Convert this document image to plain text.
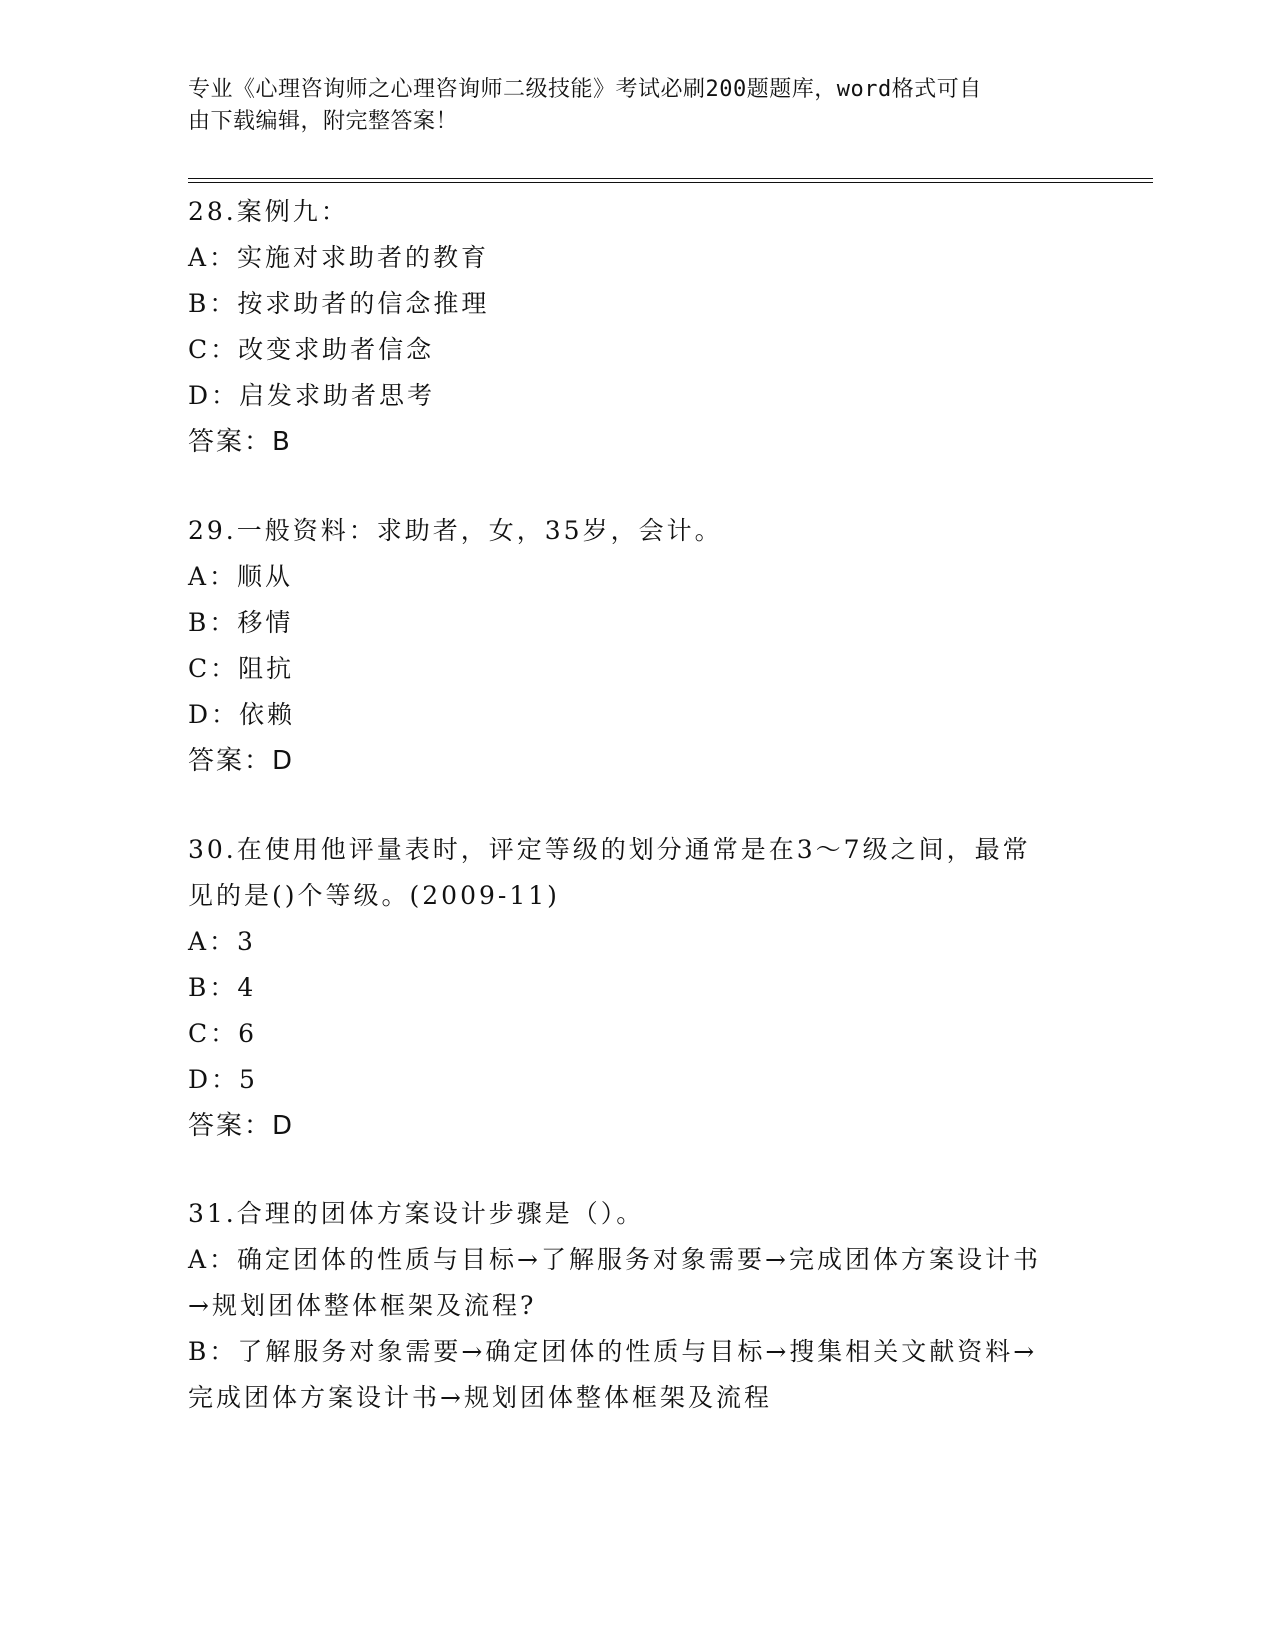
专业《心理咨询师之心理咨询师二级技能》考试必刷200题题库，word格式可自
由下载编辑，附完整答案！
28.案例九：
A：实施对求助者的教育
B：按求助者的信念推理
C：改变求助者信念
D：启发求助者思考
答案：B
29.一般资料：求助者，女，35岁，会计。
A：顺从
B：移情
C：阻抗
D：依赖
答案：D
30.在使用他评量表时，评定等级的划分通常是在3～7级之间，最常
见的是()个等级。(2009-11)
A：3
B：4
C：6
D：5
答案：D
31.合理的团体方案设计步骤是（）。
A：确定团体的性质与目标→了解服务对象需要→完成团体方案设计书
→规划团体整体框架及流程?
B：了解服务对象需要→确定团体的性质与目标→搜集相关文献资料→
完成团体方案设计书→规划团体整体框架及流程
